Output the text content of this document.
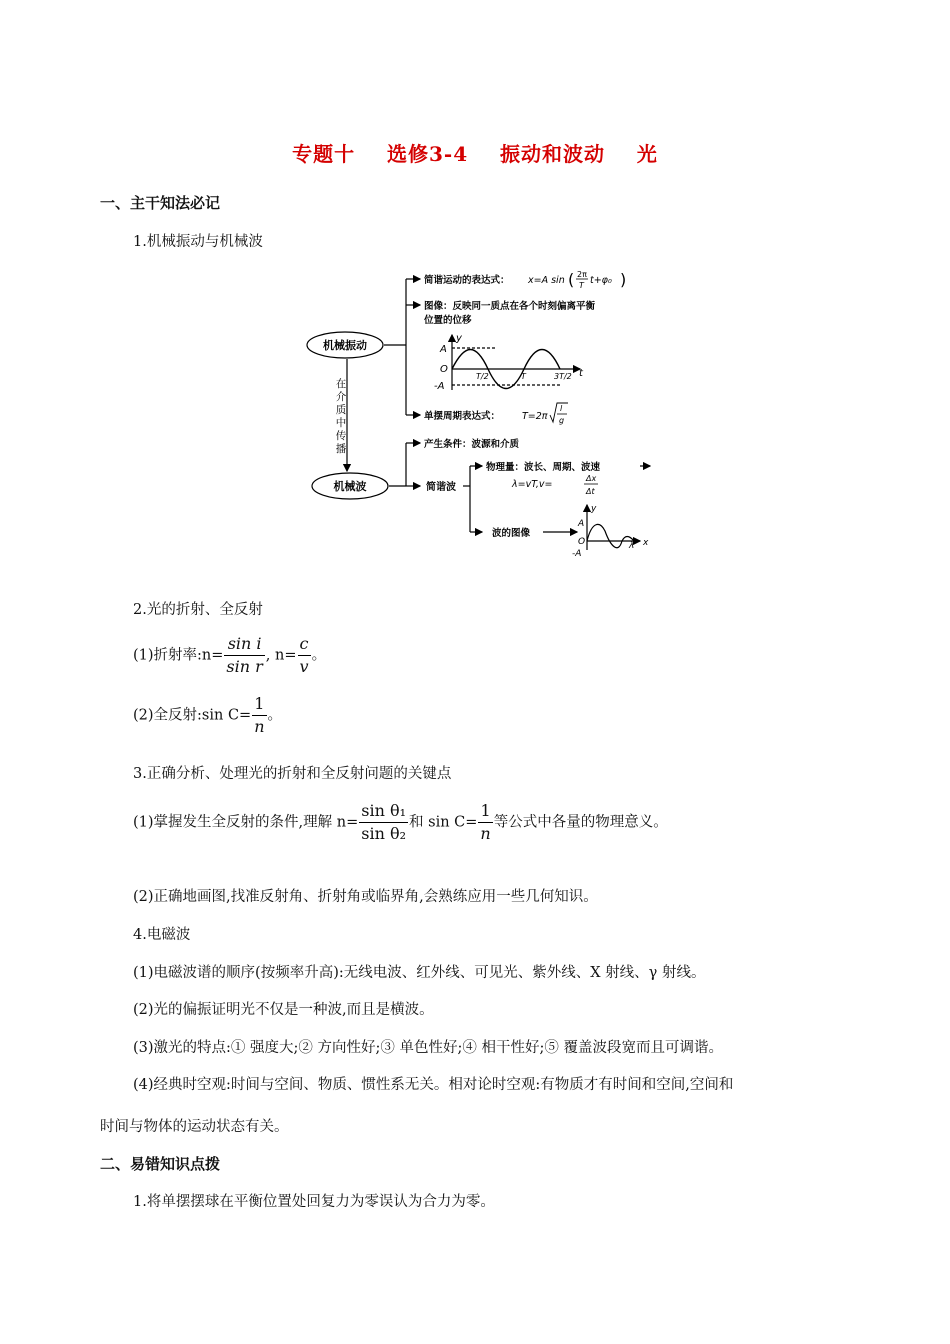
专题十    选修3-4    振动和波动    光
一、主干知法必记
1.机械振动与机械波
机械振动
机械波
在
介
质
中
传
播
简谐运动的表达式： x=A sin ( 2π
T t+φ₀ )
图像：反映同一质点在各个时刻偏离平衡
位置的位移
y
A
O
-A
T/2	T	3T/2 t
单摆周期表达式： T=2π
l
g
产生条件：波源和介质
简谐波
物理量：波长、周期、波速
λ=vT,v=
Δx
Δt
波的图像
y
A
O
-A
λ x
2.光的折射、全反射
(1)折射率:n= $\frac{\text{sin i}}{\text{sin r}}$ , $n= \frac{c}{v}$ 。
(2)全反射:sin $C= \frac{1}{n}$ 。
3.正确分析、处理光的折射和全反射问题的关键点
(1)掌握发生全反射的条件,理解 $n= \frac{\text{sin θ₁}}{\text{sin θ₂}}$ 和 $\sin C= \frac{1}{n}$ 等公式中各量的物理意义。
(2)正确地画图,找准反射角、折射角或临界角,会熟练应用一些几何知识。
4.电磁波
(1)电磁波谱的顺序(按频率升高):无线电波、红外线、可见光、紫外线、X 射线、γ 射线。
(2)光的偏振证明光不仅是一种波,而且是横波。
(3)激光的特点:① 强度大;② 方向性好;③ 单色性好;④ 相干性好;⑤ 覆盖波段宽而且可调谐。
(4)经典时空观:时间与空间、物质、惯性系无关。相对论时空观:有物质才有时间和空间,空间和
时间与物体的运动状态有关。
二、易错知识点拨
1.将单摆摆球在平衡位置处回复力为零误认为合力为零。
